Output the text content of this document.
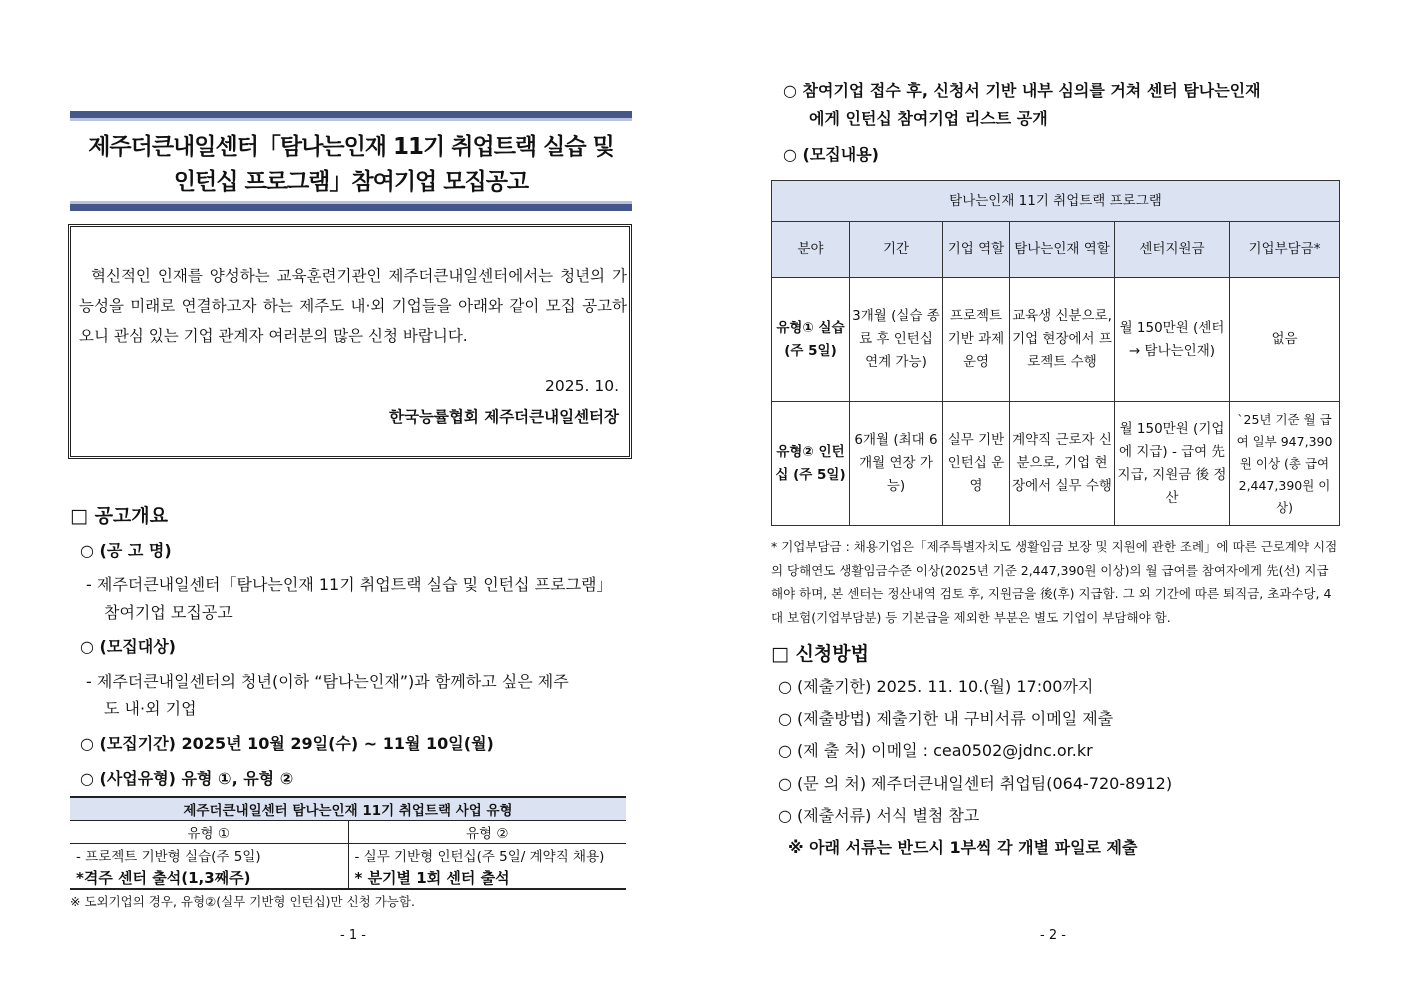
제주더큰내일센터「탐나는인재 11기 취업트랙 실습 및
인턴십 프로그램」참여기업 모집공고
혁신적인 인재를 양성하는 교육훈련기관인 제주더큰내일센터에서는 청년의 가능성을 미래로 연결하고자 하는 제주도 내·외 기업들을 아래와 같이 모집 공고하오니 관심 있는 기업 관계자 여러분의 많은 신청 바랍니다.
2025. 10.
한국능률협회 제주더큰내일센터장
□ 공고개요
○ (공 고 명)
- 제주더큰내일센터「탐나는인재 11기 취업트랙 실습 및 인턴십 프로그램」
참여기업 모집공고
○ (모집대상)
- 제주더큰내일센터의 청년(이하 “탐나는인재”)과 함께하고 싶은 제주
도 내·외 기업
○ (모집기간) 2025년 10월 29일(수) ~ 11월 10일(월)
○ (사업유형) 유형 ①, 유형 ②
제주더큰내일센터 탐나는인재 11기 취업트랙 사업 유형	
유형 ①	유형 ②
- 프로젝트 기반형 실습(주 5일)	- 실무 기반형 인턴십(주 5일/ 계약직 채용)
*격주 센터 출석(1,3째주)	* 분기별 1회 센터 출석
※ 도외기업의 경우, 유형②(실무 기반형 인턴십)만 신청 가능함.
- 1 -
○ 참여기업 접수 후, 신청서 기반 내부 심의를 거쳐 센터 탐나는인재
에게 인턴십 참여기업 리스트 공개
○ (모집내용)
탐나는인재 11기 취업트랙 프로그램					
분야	기간	기업 역할	탐나는인재 역할	센터지원금	기업부담금*
유형① 실습 (주 5일)	3개월 (실습 종료 후 인턴십 연계 가능)	프로젝트 기반 과제 운영	교육생 신분으로, 기업 현장에서 프로젝트 수행	월 150만원 (센터 → 탐나는인재)	없음
유형② 인턴십 (주 5일)	6개월 (최대 6개월 연장 가능)	실무 기반 인턴십 운영	계약직 근로자 신분으로, 기업 현장에서 실무 수행	월 150만원 (기업에 지급) - 급여 先 지급, 지원금 後 정산	`25년 기준 월 급여 일부 947,390원 이상 (총 급여 2,447,390원 이상)
* 기업부담금 : 채용기업은「제주특별자치도 생활임금 보장 및 지원에 관한 조례」에 따른 근로계약 시점의 당해연도 생활임금수준 이상(2025년 기준 2,447,390원 이상)의 월 급여를 참여자에게 先(선) 지급해야 하며, 본 센터는 정산내역 검토 후, 지원금을 後(후) 지급함. 그 외 기간에 따른 퇴직금, 초과수당, 4대 보험(기업부담분) 등 기본급을 제외한 부분은 별도 기업이 부담해야 함.
□ 신청방법
○ (제출기한) 2025. 11. 10.(월) 17:00까지
○ (제출방법) 제출기한 내 구비서류 이메일 제출
○ (제 출 처) 이메일 : cea0502@jdnc.or.kr
○ (문 의 처) 제주더큰내일센터 취업팀(064-720-8912)
○ (제출서류) 서식 별첨 참고
※ 아래 서류는 반드시 1부씩 각 개별 파일로 제출
- 2 -
